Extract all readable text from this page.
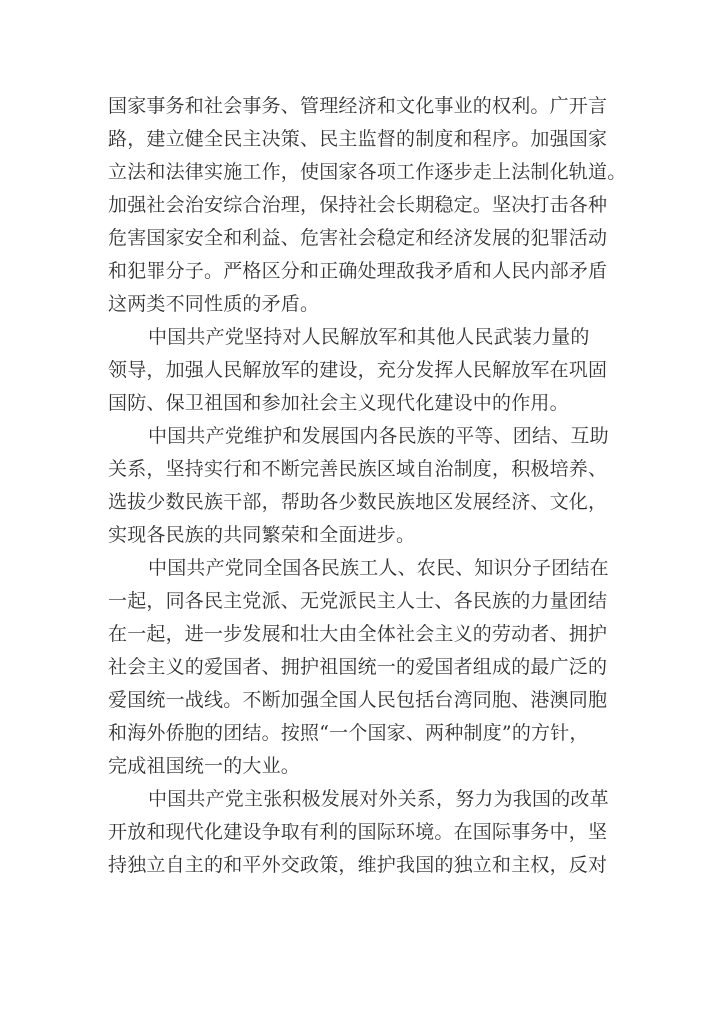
国家事务和社会事务、管理经济和文化事业的权利。广开言
路，建立健全民主决策、民主监督的制度和程序。加强国家
立法和法律实施工作，使国家各项工作逐步走上法制化轨道。
加强社会治安综合治理，保持社会长期稳定。坚决打击各种
危害国家安全和利益、危害社会稳定和经济发展的犯罪活动
和犯罪分子。严格区分和正确处理敌我矛盾和人民内部矛盾
这两类不同性质的矛盾。
中国共产党坚持对人民解放军和其他人民武装力量的
领导，加强人民解放军的建设，充分发挥人民解放军在巩固
国防、保卫祖国和参加社会主义现代化建设中的作用。
中国共产党维护和发展国内各民族的平等、团结、互助
关系，坚持实行和不断完善民族区域自治制度，积极培养、
选拔少数民族干部，帮助各少数民族地区发展经济、文化，
实现各民族的共同繁荣和全面进步。
中国共产党同全国各民族工人、农民、知识分子团结在
一起，同各民主党派、无党派民主人士、各民族的力量团结
在一起，进一步发展和壮大由全体社会主义的劳动者、拥护
社会主义的爱国者、拥护祖国统一的爱国者组成的最广泛的
爱国统一战线。不断加强全国人民包括台湾同胞、港澳同胞
和海外侨胞的团结。按照“一个国家、两种制度”的方针，
完成祖国统一的大业。
中国共产党主张积极发展对外关系，努力为我国的改革
开放和现代化建设争取有利的国际环境。在国际事务中，坚
持独立自主的和平外交政策，维护我国的独立和主权，反对
